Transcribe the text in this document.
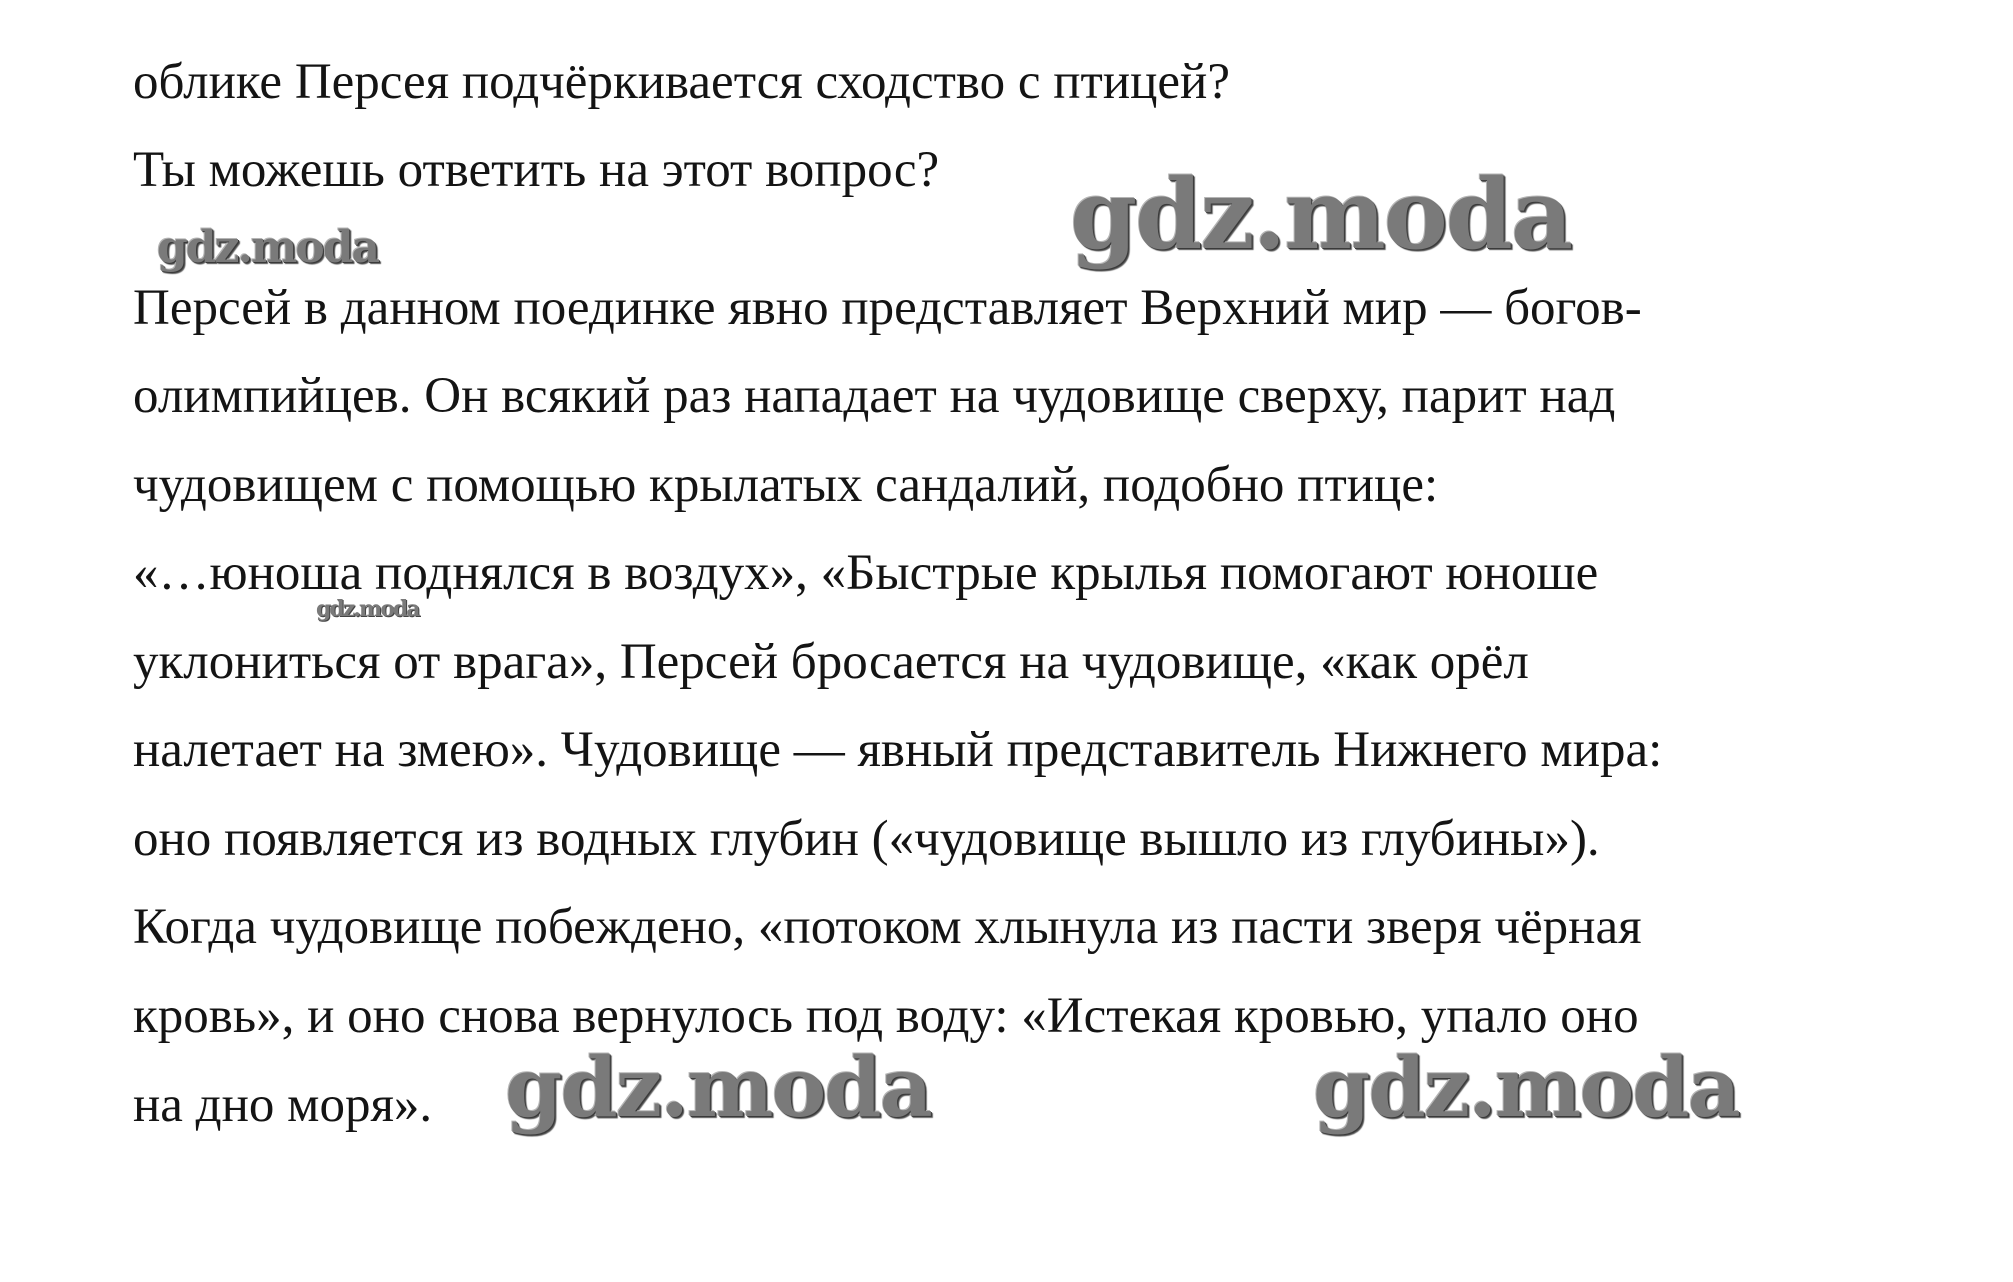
облике Персея подчёркивается сходство с птицей?
Ты можешь ответить на этот вопрос? gdz.moda
gdz.moda
Персей в данном поединке явно представляет Верхний мир — богов-
олимпийцев. Он всякий раз нападает на чудовище сверху, парит над
чудовищем с помощью крылатых сандалий, подобно птице:
«…юноша поднялся в воздух», «Быстрые крылья помогают юноше
уклониться от врага», Персей бросается на чудовище, «как орёл
налетает на змею». Чудовище — явный представитель Нижнего мира:
оно появляется из водных глубин («чудовище вышло из глубины»).
Когда чудовище побеждено, «потоком хлынула из пасти зверя чёрная
кровь», и оно снова вернулось под воду: «Истекая кровью, упало оно
на дно моря».
gdz.moda
gdz.moda	gdz.moda
